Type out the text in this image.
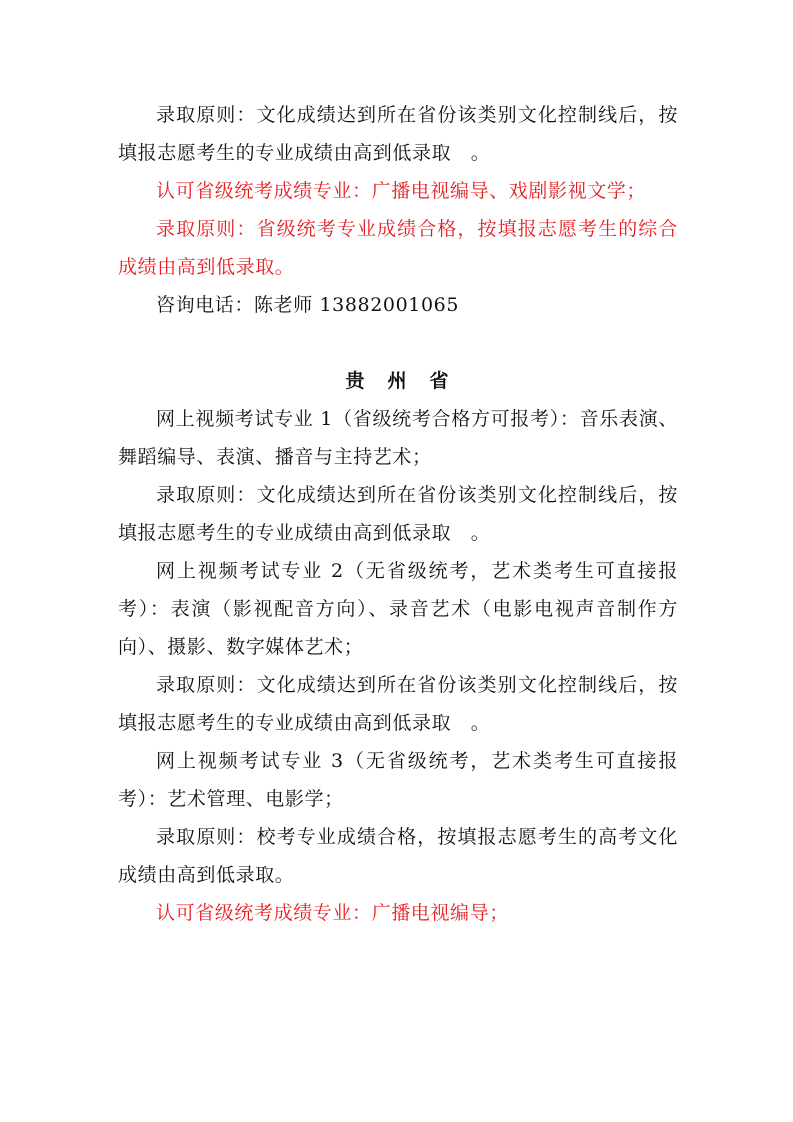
录取原则：文化成绩达到所在省份该类别文化控制线后，按填报志愿考生的专业成绩由高到低录取　。

认可省级统考成绩专业：广播电视编导、戏剧影视文学；

录取原则：省级统考专业成绩合格，按填报志愿考生的综合成绩由高到低录取。

咨询电话：陈老师 13882001065

贵　州　省

网上视频考试专业 1（省级统考合格方可报考）：音乐表演、舞蹈编导、表演、播音与主持艺术；

录取原则：文化成绩达到所在省份该类别文化控制线后，按填报志愿考生的专业成绩由高到低录取　。

网上视频考试专业 2（无省级统考，艺术类考生可直接报考）：表演（影视配音方向）、录音艺术（电影电视声音制作方向）、摄影、数字媒体艺术；

录取原则：文化成绩达到所在省份该类别文化控制线后，按填报志愿考生的专业成绩由高到低录取　。

网上视频考试专业 3（无省级统考，艺术类考生可直接报考）：艺术管理、电影学；

录取原则：校考专业成绩合格，按填报志愿考生的高考文化成绩由高到低录取。

认可省级统考成绩专业：广播电视编导；
